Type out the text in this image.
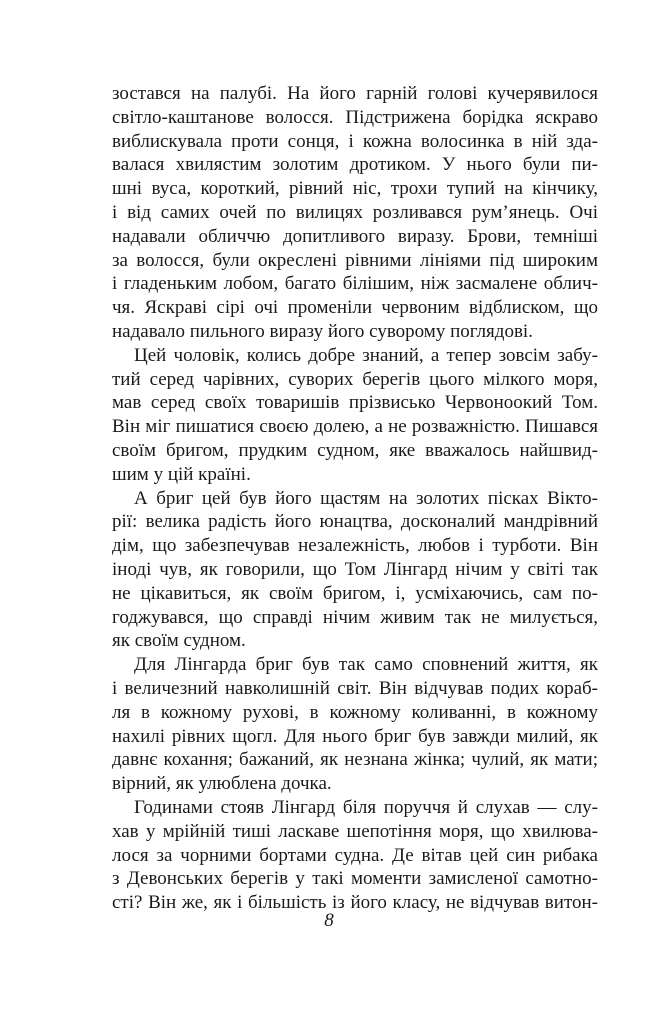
зостався на палубі. На його гарній голові кучерявилося
світло-каштанове волосся. Підстрижена борідка яскраво
виблискувала проти сонця, і кожна волосинка в ній зда-
валася хвилястим золотим дротиком. У нього були пи-
шні вуса, короткий, рівний ніс, трохи тупий на кінчику,
і від самих очей по вилицях розливався рум’янець. Очі
надавали обличчю допитливого виразу. Брови, темніші
за волосся, були окреслені рівними лініями під широким
і гладеньким лобом, багато білішим, ніж засмалене облич-
чя. Яскраві сірі очі променіли червоним відблиском, що
надавало пильного виразу його суворому поглядові.
Цей чоловік, колись добре знаний, а тепер зовсім забу-
тий серед чарівних, суворих берегів цього мілкого моря,
мав серед своїх товаришів прізвисько Червоноокий Том.
Він міг пишатися своєю долею, а не розважністю. Пишався
своїм бригом, прудким судном, яке вважалось найшвид-
шим у цій країні.
А бриг цей був його щастям на золотих пісках Вікто-
рії: велика радість його юнацтва, досконалий мандрівний
дім, що забезпечував незалежність, любов і турботи. Він
іноді чув, як говорили, що Том Лінгард нічим у світі так
не цікавиться, як своїм бригом, і, усміхаючись, сам по-
годжувався, що справді нічим живим так не милується,
як своїм судном.
Для Лінгарда бриг був так само сповнений життя, як
і величезний навколишній світ. Він відчував подих кораб-
ля в кожному рухові, в кожному коливанні, в кожному
нахилі рівних щогл. Для нього бриг був завжди милий, як
давнє кохання; бажаний, як незнана жінка; чулий, як мати;
вірний, як улюблена дочка.
Годинами стояв Лінгард біля поруччя й слухав — слу-
хав у мрійній тиші ласкаве шепотіння моря, що хвилюва-
лося за чорними бортами судна. Де вітав цей син рибака
з Девонських берегів у такі моменти замисленої самотно-
сті? Він же, як і більшість із його класу, не відчував витон-
8
